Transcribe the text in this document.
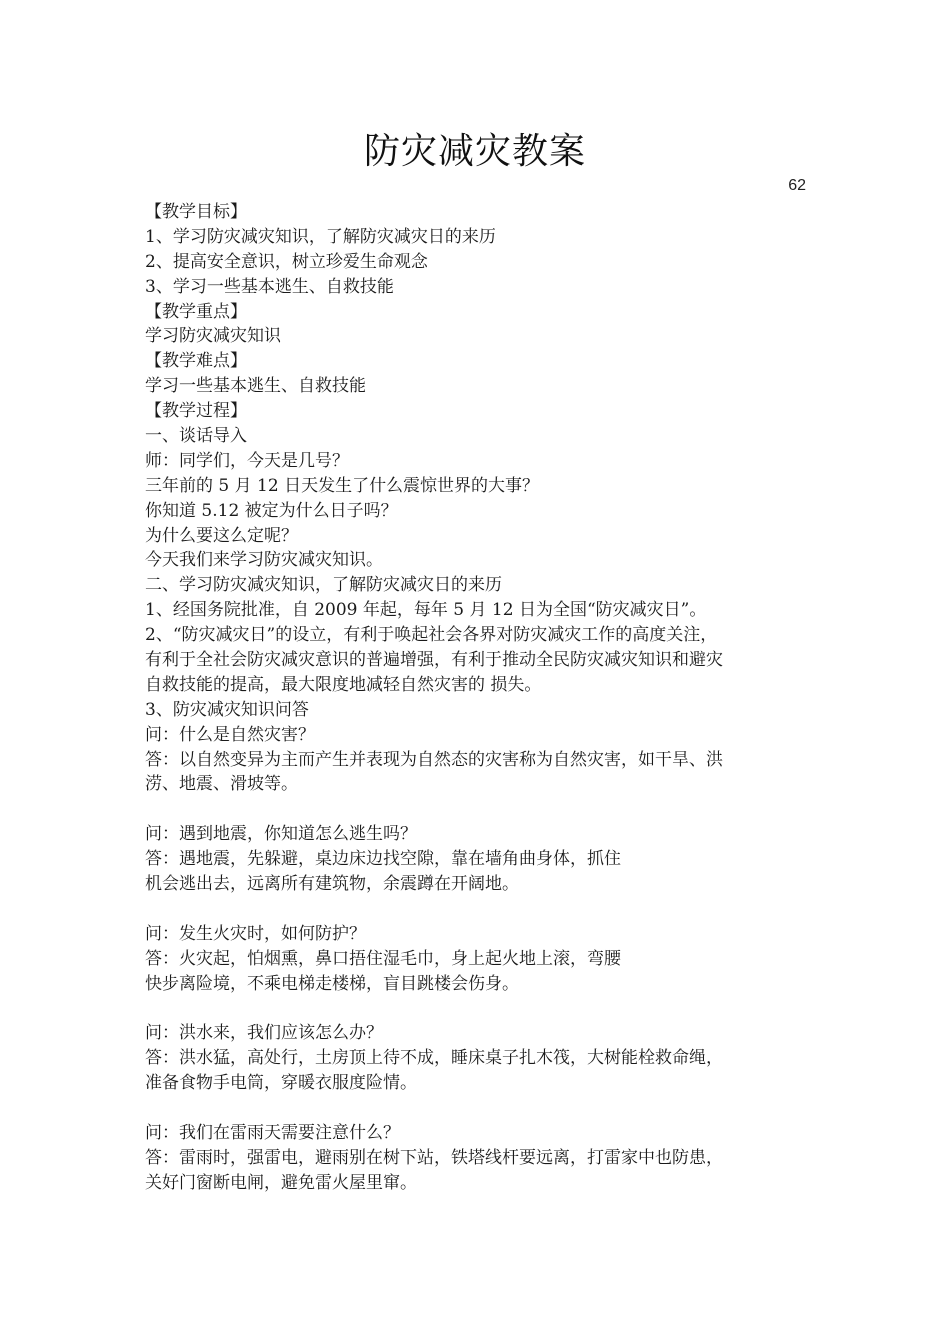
防灾减灾教案
62
【教学目标】
1、学习防灾减灾知识，了解防灾减灾日的来历
2、提高安全意识，树立珍爱生命观念
3、学习一些基本逃生、自救技能
【教学重点】
学习防灾减灾知识
【教学难点】
学习一些基本逃生、自救技能
【教学过程】
一、谈话导入
师：同学们，今天是几号？
三年前的 5 月 12 日天发生了什么震惊世界的大事？
你知道 5.12 被定为什么日子吗？
为什么要这么定呢？
今天我们来学习防灾减灾知识。
二、学习防灾减灾知识，了解防灾减灾日的来历
1、经国务院批准，自 2009 年起，每年 5 月 12 日为全国“防灾减灾日”。
2、“防灾减灾日”的设立，有利于唤起社会各界对防灾减灾工作的高度关注，
有利于全社会防灾减灾意识的普遍增强，有利于推动全民防灾减灾知识和避灾
自救技能的提高，最大限度地减轻自然灾害的 损失。
3、防灾减灾知识问答
问：什么是自然灾害？
答：以自然变异为主而产生并表现为自然态的灾害称为自然灾害，如干旱、洪
涝、地震、滑坡等。
问：遇到地震，你知道怎么逃生吗？
答：遇地震，先躲避，桌边床边找空隙，靠在墙角曲身体，抓住
机会逃出去，远离所有建筑物，余震蹲在开阔地。
问：发生火灾时，如何防护？
答：火灾起，怕烟熏，鼻口捂住湿毛巾，身上起火地上滚，弯腰
快步离险境，不乘电梯走楼梯，盲目跳楼会伤身。
问：洪水来，我们应该怎么办？
答：洪水猛，高处行，土房顶上待不成，睡床桌子扎木筏，大树能栓救命绳，
准备食物手电筒，穿暖衣服度险情。
问：我们在雷雨天需要注意什么？
答：雷雨时，强雷电，避雨别在树下站，铁塔线杆要远离，打雷家中也防患，
关好门窗断电闸，避免雷火屋里窜。
